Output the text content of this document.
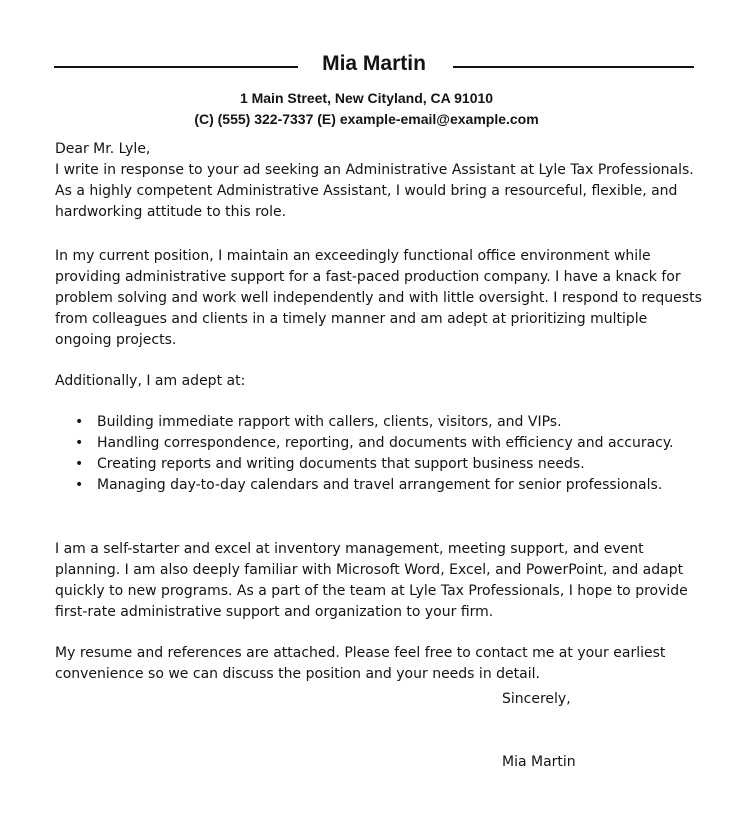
Mia Martin
1 Main Street, New Cityland, CA 91010
(C) (555) 322-7337 (E) example-email@example.com

Dear Mr. Lyle,

I write in response to your ad seeking an Administrative Assistant at Lyle Tax Professionals. As a highly competent Administrative Assistant, I would bring a resourceful, flexible, and hardworking attitude to this role.

In my current position, I maintain an exceedingly functional office environment while providing administrative support for a fast-paced production company. I have a knack for problem solving and work well independently and with little oversight. I respond to requests from colleagues and clients in a timely manner and am adept at prioritizing multiple ongoing projects.

Additionally, I am adept at:

• Building immediate rapport with callers, clients, visitors, and VIPs.
• Handling correspondence, reporting, and documents with efficiency and accuracy.
• Creating reports and writing documents that support business needs.
• Managing day-to-day calendars and travel arrangement for senior professionals.

I am a self-starter and excel at inventory management, meeting support, and event planning. I am also deeply familiar with Microsoft Word, Excel, and PowerPoint, and adapt quickly to new programs. As a part of the team at Lyle Tax Professionals, I hope to provide first-rate administrative support and organization to your firm.

My resume and references are attached. Please feel free to contact me at your earliest convenience so we can discuss the position and your needs in detail.

Sincerely,
Mia Martin
